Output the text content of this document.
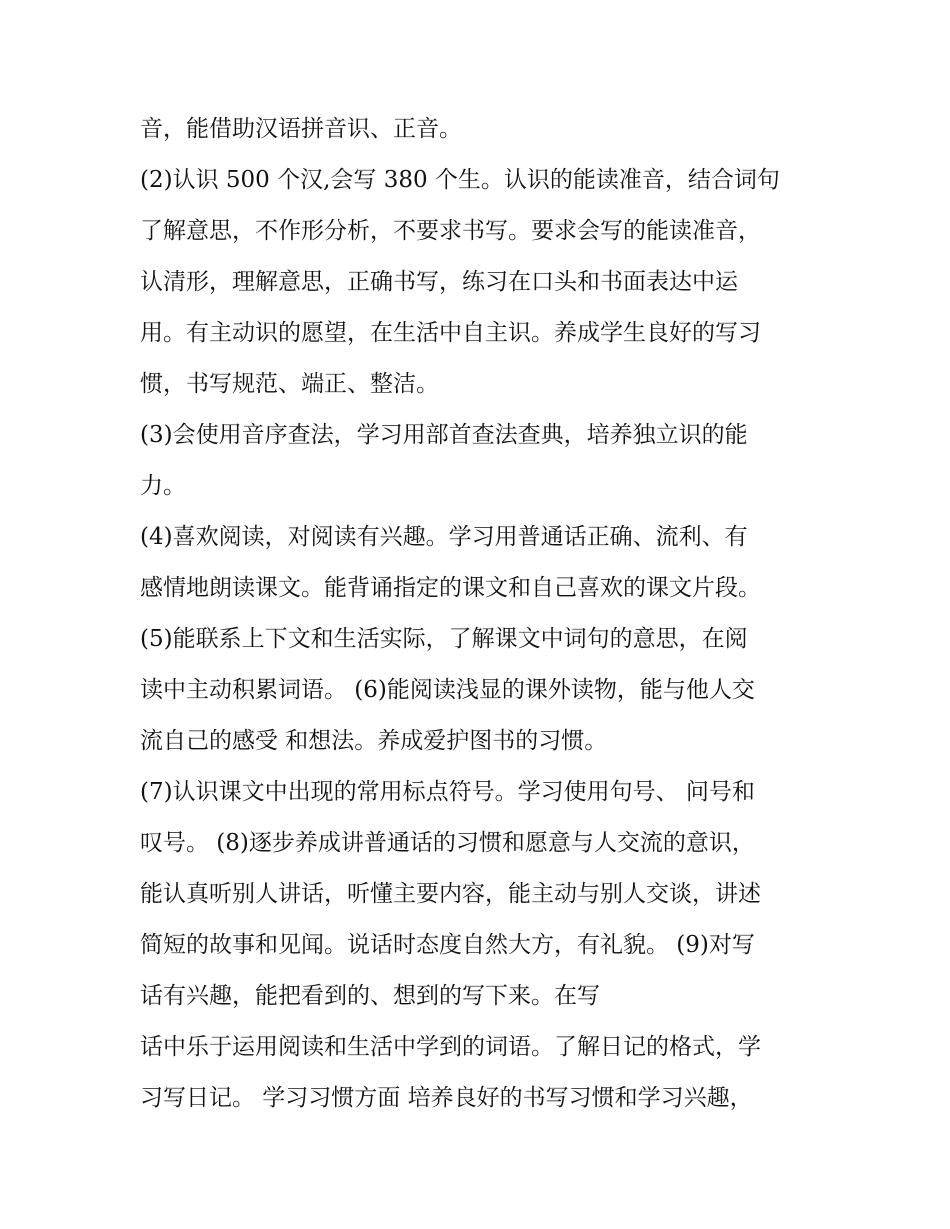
音，能借助汉语拼音识、正音。
(2)认识 500 个汉,会写 380 个生。认识的能读准音，结合词句
了解意思，不作形分析，不要求书写。要求会写的能读准音，
认清形，理解意思，正确书写，练习在口头和书面表达中运
用。有主动识的愿望，在生活中自主识。养成学生良好的写习
惯，书写规范、端正、整洁。
(3)会使用音序查法，学习用部首查法查典，培养独立识的能
力。
(4)喜欢阅读，对阅读有兴趣。学习用普通话正确、流利、有
感情地朗读课文。能背诵指定的课文和自己喜欢的课文片段。
(5)能联系上下文和生活实际，了解课文中词句的意思，在阅
读中主动积累词语。 (6)能阅读浅显的课外读物，能与他人交
流自己的感受 和想法。养成爱护图书的习惯。
(7)认识课文中出现的常用标点符号。学习使用句号、 问号和
叹号。 (8)逐步养成讲普通话的习惯和愿意与人交流的意识，
能认真听别人讲话，听懂主要内容，能主动与别人交谈，讲述
简短的故事和见闻。说话时态度自然大方，有礼貌。 (9)对写
话有兴趣，能把看到的、想到的写下来。在写
话中乐于运用阅读和生活中学到的词语。了解日记的格式，学
习写日记。 学习习惯方面 培养良好的书写习惯和学习兴趣，
